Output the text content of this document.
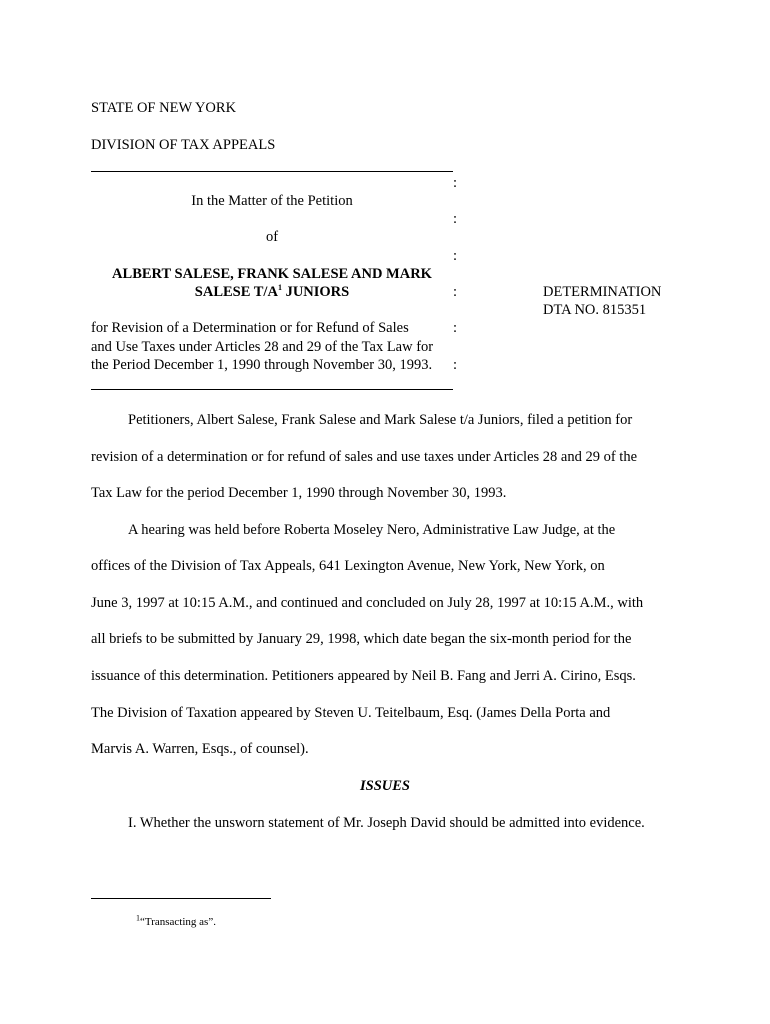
STATE OF NEW YORK
DIVISION OF TAX APPEALS
:
In the Matter of the Petition
:
of
:
ALBERT SALESE, FRANK SALESE AND MARK
SALESE $T/A^1$ JUNIORS	:	DETERMINATION
DTA NO. 815351
for Revision of a Determination or for Refund of Sales	:
and Use Taxes under Articles 28 and 29 of the Tax Law for
the Period December 1, 1990 through November 30, 1993. :
Petitioners, Albert Salese, Frank Salese and Mark Salese t/a Juniors, filed a petition for
revision of a determination or for refund of sales and use taxes under Articles 28 and 29 of the
Tax Law for the period December 1, 1990 through November 30, 1993.
A hearing was held before Roberta Moseley Nero, Administrative Law Judge, at the
offices of the Division of Tax Appeals, 641 Lexington Avenue, New York, New York, on
June 3, 1997 at 10:15 A.M., and continued and concluded on July 28, 1997 at 10:15 A.M., with
all briefs to be submitted by January 29, 1998, which date began the six-month period for the
issuance of this determination. Petitioners appeared by Neil B. Fang and Jerri A. Cirino, Esqs.
The Division of Taxation appeared by Steven U. Teitelbaum, Esq. (James Della Porta and
Marvis A. Warren, Esqs., of counsel).
ISSUES
I. Whether the unsworn statement of Mr. Joseph David should be admitted into evidence.
$^1$“Transacting as”.
